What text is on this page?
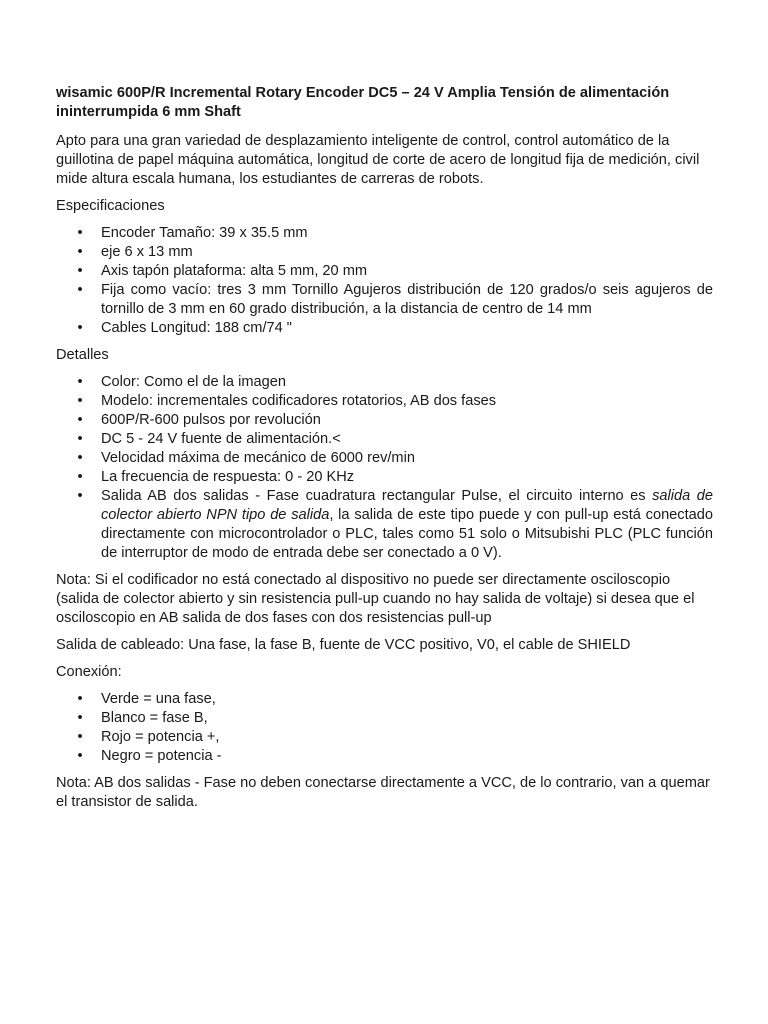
wisamic 600P/R Incremental Rotary Encoder DC5 – 24 V Amplia Tensión de alimentación ininterrumpida 6 mm Shaft

Apto para una gran variedad de desplazamiento inteligente de control, control automático de la guillotina de papel máquina automática, longitud de corte de acero de longitud fija de medición, civil mide altura escala humana, los estudiantes de carreras de robots.

Especificaciones
• Encoder Tamaño: 39 x 35.5 mm
• eje 6 x 13 mm
• Axis tapón plataforma: alta 5 mm, 20 mm
• Fija como vacío: tres 3 mm Tornillo Agujeros distribución de 120 grados/o seis agujeros de tornillo de 3 mm en 60 grado distribución, a la distancia de centro de 14 mm
• Cables Longitud: 188 cm/74 "
Detalles
• Color: Como el de la imagen
• Modelo: incrementales codificadores rotatorios, AB dos fases
• 600P/R-600 pulsos por revolución
• DC 5 - 24 V fuente de alimentación.<
• Velocidad máxima de mecánico de 6000 rev/min
• La frecuencia de respuesta: 0 - 20 KHz
• Salida AB dos salidas - Fase cuadratura rectangular Pulse, el circuito interno es salida de colector abierto NPN tipo de salida, la salida de este tipo puede y con pull-up está conectado directamente con microcontrolador o PLC, tales como 51 solo o Mitsubishi PLC (PLC función de interruptor de modo de entrada debe ser conectado a 0 V).

Nota: Si el codificador no está conectado al dispositivo no puede ser directamente osciloscopio (salida de colector abierto y sin resistencia pull-up cuando no hay salida de voltaje) si desea que el osciloscopio en AB salida de dos fases con dos resistencias pull-up

Salida de cableado: Una fase, la fase B, fuente de VCC positivo, V0, el cable de SHIELD

Conexión:
• Verde = una fase,
• Blanco = fase B,
• Rojo = potencia +,
• Negro = potencia -

Nota: AB dos salidas - Fase no deben conectarse directamente a VCC, de lo contrario, van a quemar el transistor de salida.
